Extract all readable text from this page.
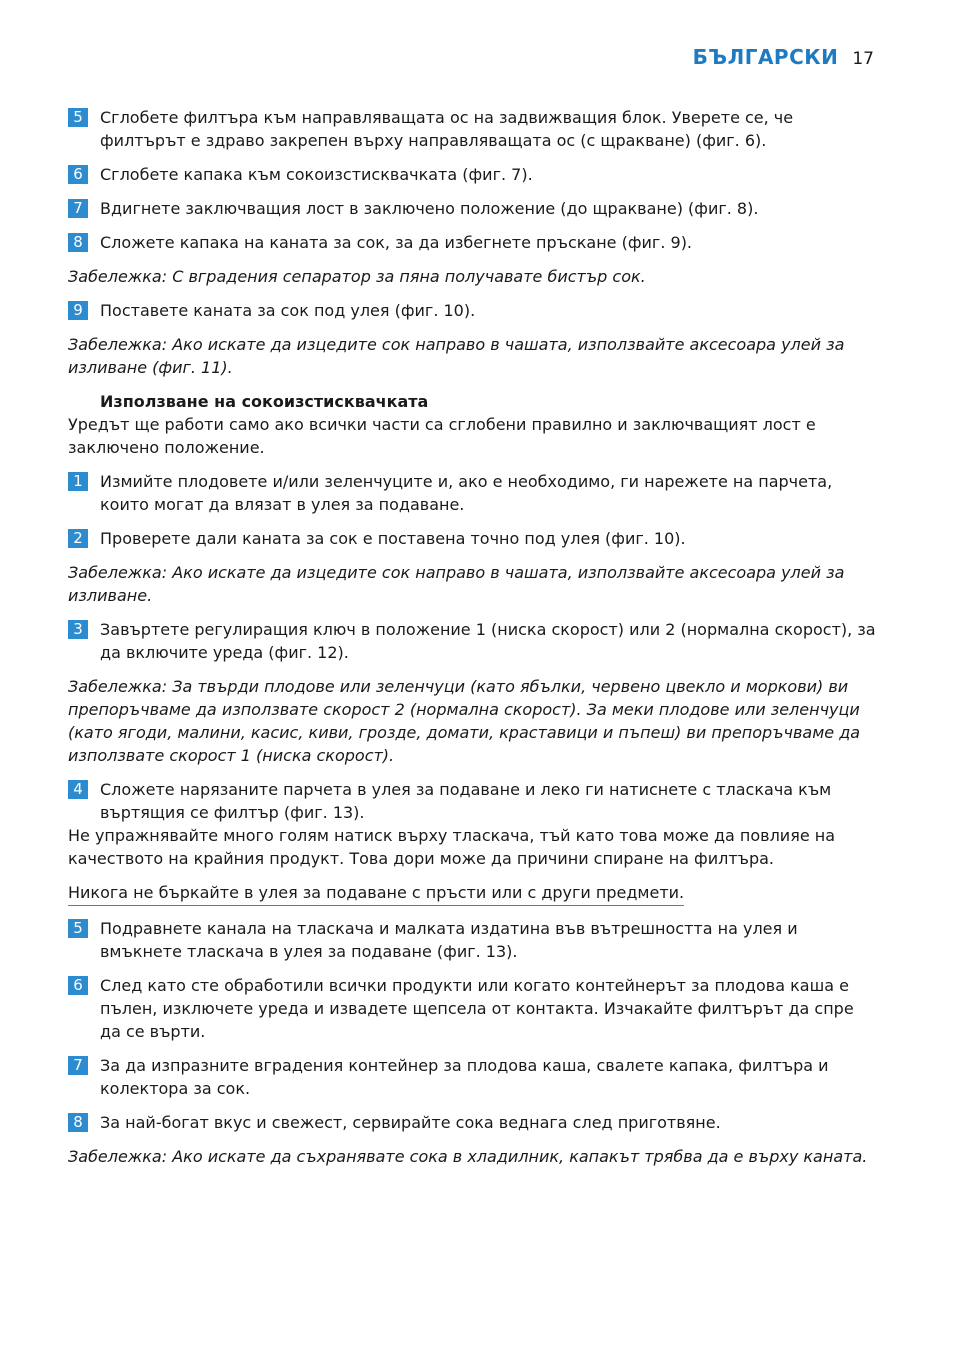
БЪЛГАРСКИ 17
5	Сглобете филтъра към направляващата ос на задвижващия блок. Уверете се, че филтърът е здраво закрепен върху направляващата ос (с щракване) (фиг. 6).
6	Сглобете капака към сокоизстисквачката (фиг. 7).
7	Вдигнете заключващия лост в заключено положение (до щракване) (фиг. 8).
8	Сложете капака на каната за сок, за да избегнете пръскане (фиг. 9).
Забележка: С вградения сепаратор за пяна получавате бистър сок.
9	Поставете каната за сок под улея (фиг. 10).
Забележка: Ако искате да изцедите сок направо в чашата, използвайте аксесоара улей за изливане (фиг. 11).
Използване на сокоизстисквачката
Уредът ще работи само ако всички части са сглобени правилно и заключващият лост е заключено положение.
1	Измийте плодовете и/или зеленчуците и, ако е необходимо, ги нарежете на парчета, които могат да влязат в улея за подаване.
2	Проверете дали каната за сок е поставена точно под улея (фиг. 10).
Забележка: Ако искате да изцедите сок направо в чашата, използвайте аксесоара улей за изливане.
3	Завъртете регулиращия ключ в положение 1 (ниска скорост) или 2 (нормална скорост), за да включите уреда (фиг. 12).
Забележка: За твърди плодове или зеленчуци (като ябълки, червено цвекло и моркови) ви препоръчваме да използвате скорост 2 (нормална скорост). За меки плодове или зеленчуци (като ягоди, малини, касис, киви, грозде, домати, краставици и пъпеш) ви препоръчваме да използвате скорост 1 (ниска скорост).
4	Сложете нарязаните парчета в улея за подаване и леко ги натиснете с тласкача към въртящия се филтър (фиг. 13).
Не упражнявайте много голям натиск върху тласкача, тъй като това може да повлияе на качеството на крайния продукт. Това дори може да причини спиране на филтъра.
Никога не бъркайте в улея за подаване с пръсти или с други предмети.
5	Подравнете канала на тласкача и малката издатина във вътрешността на улея и вмъкнете тласкача в улея за подаване (фиг. 13).
6	След като сте обработили всички продукти или когато контейнерът за плодова каша е пълен, изключете уреда и извадете щепсела от контакта. Изчакайте филтърът да спре да се върти.
7	За да изпразните вградения контейнер за плодова каша, свалете капака, филтъра и колектора за сок.
8	За най-богат вкус и свежест, сервирайте сока веднага след приготвяне.
Забележка: Ако искате да съхранявате сока в хладилник, капакът трябва да е върху каната.
